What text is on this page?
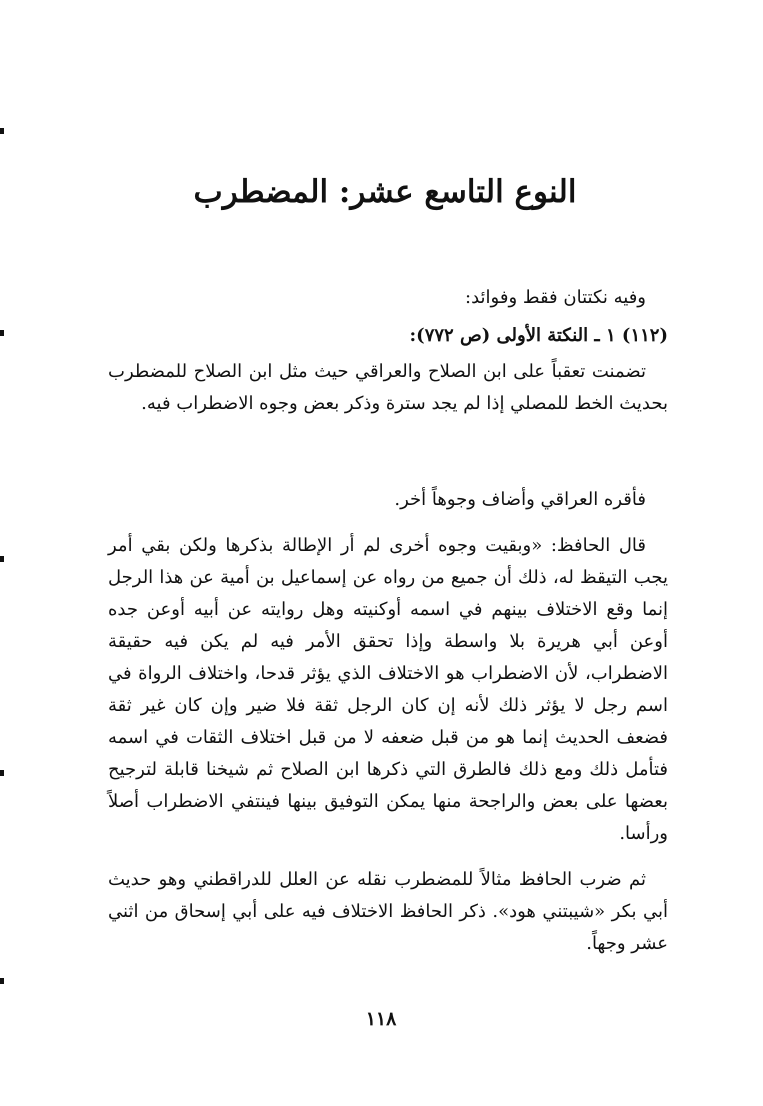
النوع التاسع عشر: المضطرب
وفيه نكتتان فقط وفوائد:
(١١٢) ١ ـ النكتة الأولى (ص ٧٧٢):

تضمنت تعقباً على ابن الصلاح والعراقي حيث مثل ابن الصلاح للمضطرب بحديث الخط للمصلي إذا لم يجد سترة وذكر بعض وجوه الاضطراب فيه.

فأقره العراقي وأضاف وجوهاً أخر.

قال الحافظ: «وبقيت وجوه أخرى لم أر الإطالة بذكرها ولكن بقي أمر يجب التيقظ له، ذلك أن جميع من رواه عن إسماعيل بن أمية عن هذا الرجل إنما وقع الاختلاف بينهم في اسمه أوكنيته وهل روايته عن أبيه أوعن جده أوعن أبي هريرة بلا واسطة وإذا تحقق الأمر فيه لم يكن فيه حقيقة الاضطراب، لأن الاضطراب هو الاختلاف الذي يؤثر قدحا، واختلاف الرواة في اسم رجل لا يؤثر ذلك لأنه إن كان الرجل ثقة فلا ضير وإن كان غير ثقة فضعف الحديث إنما هو من قبل ضعفه لا من قبل اختلاف الثقات في اسمه فتأمل ذلك ومع ذلك فالطرق التي ذكرها ابن الصلاح ثم شيخنا قابلة لترجيح بعضها على بعض والراجحة منها يمكن التوفيق بينها فينتفي الاضطراب أصلاً ورأسا.

ثم ضرب الحافظ مثالاً للمضطرب نقله عن العلل للدراقطني وهو حديث أبي بكر «شيبتني هود». ذكر الحافظ الاختلاف فيه على أبي إسحاق من اثني عشر وجهاً.

١١٨
